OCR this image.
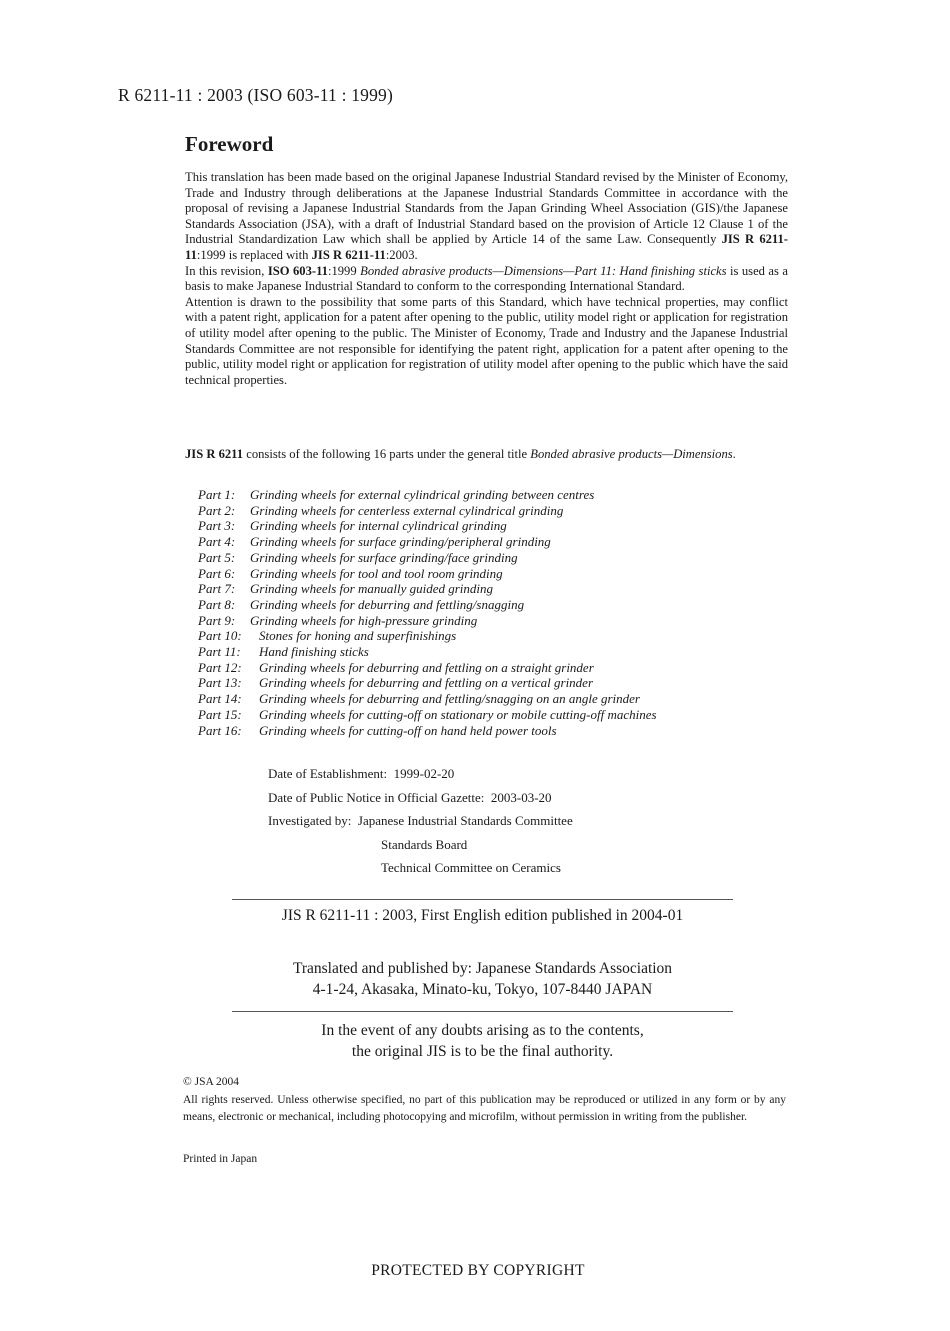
R 6211-11 : 2003 (ISO 603-11 : 1999)
Foreword
This translation has been made based on the original Japanese Industrial Standard revised by the Minister of Economy, Trade and Industry through deliberations at the Japanese Industrial Standards Committee in accordance with the proposal of revising a Japanese Industrial Standards from the Japan Grinding Wheel Association (GIS)/the Japanese Standards Association (JSA), with a draft of Industrial Standard based on the provision of Article 12 Clause 1 of the Industrial Standardization Law which shall be applied by Article 14 of the same Law. Consequently JIS R 6211-11:1999 is replaced with JIS R 6211-11:2003.
In this revision, ISO 603-11:1999 Bonded abrasive products—Dimensions—Part 11: Hand finishing sticks is used as a basis to make Japanese Industrial Standard to conform to the corresponding International Standard.
Attention is drawn to the possibility that some parts of this Standard, which have technical properties, may conflict with a patent right, application for a patent after opening to the public, utility model right or application for registration of utility model after opening to the public. The Minister of Economy, Trade and Industry and the Japanese Industrial Standards Committee are not responsible for identifying the patent right, application for a patent after opening to the public, utility model right or application for registration of utility model after opening to the public which have the said technical properties.
JIS R 6211 consists of the following 16 parts under the general title Bonded abrasive products—Dimensions.
Part 1: Grinding wheels for external cylindrical grinding between centres
Part 2: Grinding wheels for centerless external cylindrical grinding
Part 3: Grinding wheels for internal cylindrical grinding
Part 4: Grinding wheels for surface grinding/peripheral grinding
Part 5: Grinding wheels for surface grinding/face grinding
Part 6: Grinding wheels for tool and tool room grinding
Part 7: Grinding wheels for manually guided grinding
Part 8: Grinding wheels for deburring and fettling/snagging
Part 9: Grinding wheels for high-pressure grinding
Part 10: Stones for honing and superfinishings
Part 11: Hand finishing sticks
Part 12: Grinding wheels for deburring and fettling on a straight grinder
Part 13: Grinding wheels for deburring and fettling on a vertical grinder
Part 14: Grinding wheels for deburring and fettling/snagging on an angle grinder
Part 15: Grinding wheels for cutting-off on stationary or mobile cutting-off machines
Part 16: Grinding wheels for cutting-off on hand held power tools
Date of Establishment: 1999-02-20
Date of Public Notice in Official Gazette: 2003-03-20
Investigated by: Japanese Industrial Standards Committee
Standards Board
Technical Committee on Ceramics
JIS R 6211-11 : 2003, First English edition published in 2004-01
Translated and published by: Japanese Standards Association
4-1-24, Akasaka, Minato-ku, Tokyo, 107-8440 JAPAN
In the event of any doubts arising as to the contents,
the original JIS is to be the final authority.
© JSA 2004
All rights reserved. Unless otherwise specified, no part of this publication may be reproduced or utilized in any form or by any means, electronic or mechanical, including photocopying and microfilm, without permission in writing from the publisher.
Printed in Japan
PROTECTED BY COPYRIGHT
